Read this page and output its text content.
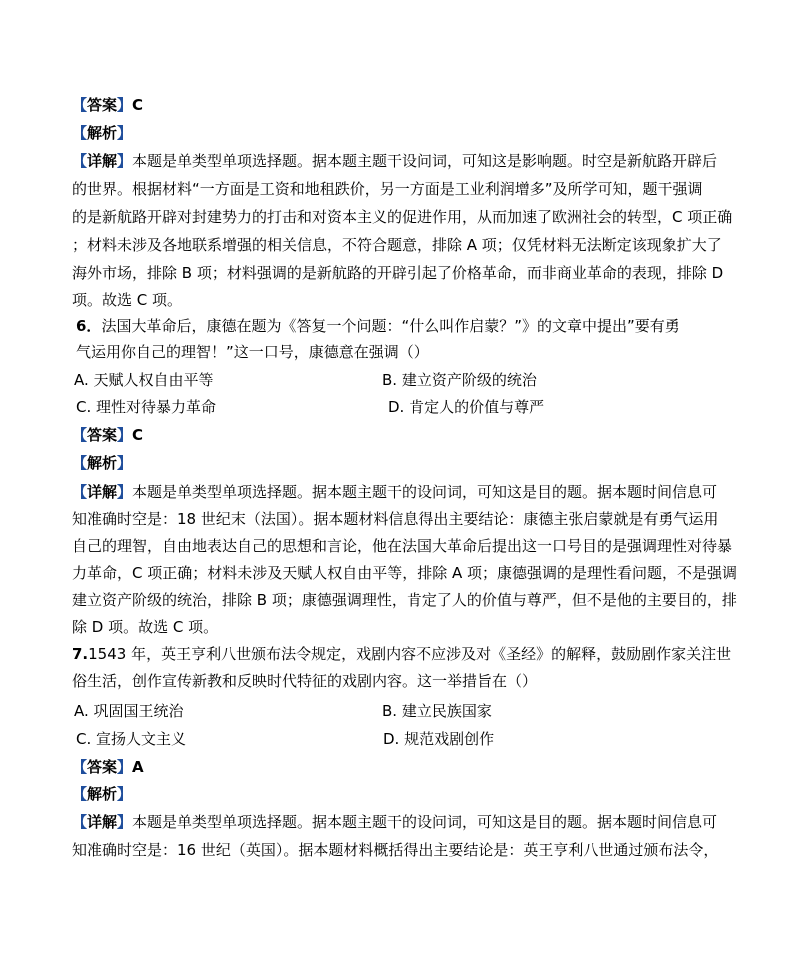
【答案】C
【解析】
【详解】本题是单类型单项选择题。据本题主题干设问词，可知这是影响题。时空是新航路开辟后
的世界。根据材料“一方面是工资和地租跌价，另一方面是工业利润增多”及所学可知，题干强调
的是新航路开辟对封建势力的打击和对资本主义的促进作用，从而加速了欧洲社会的转型，C 项正确
；材料未涉及各地联系增强的相关信息，不符合题意，排除 A 项；仅凭材料无法断定该现象扩大了
海外市场，排除 B 项；材料强调的是新航路的开辟引起了价格革命，而非商业革命的表现，排除 D
项。故选 C 项。
6．法国大革命后，康德在题为《答复一个问题：“什么叫作启蒙？”》的文章中提出”要有勇
气运用你自己的理智！”这一口号，康德意在强调（）
A. 天赋人权自由平等	B. 建立资产阶级的统治
C. 理性对待暴力革命	D. 肯定人的价值与尊严
【答案】C
【解析】
【详解】本题是单类型单项选择题。据本题主题干的设问词，可知这是目的题。据本题时间信息可
知准确时空是：18 世纪末（法国）。据本题材料信息得出主要结论：康德主张启蒙就是有勇气运用
自己的理智，自由地表达自己的思想和言论，他在法国大革命后提出这一口号目的是强调理性对待暴
力革命，C 项正确；材料未涉及天赋人权自由平等，排除 A 项；康德强调的是理性看问题，不是强调
建立资产阶级的统治，排除 B 项；康德强调理性，肯定了人的价值与尊严，但不是他的主要目的，排
除 D 项。故选 C 项。
7.1543 年，英王亨利八世颁布法令规定，戏剧内容不应涉及对《圣经》的解释，鼓励剧作家关注世
俗生活，创作宣传新教和反映时代特征的戏剧内容。这一举措旨在（）
A. 巩固国王统治	B. 建立民族国家
C. 宣扬人文主义	D. 规范戏剧创作
【答案】A
【解析】
【详解】本题是单类型单项选择题。据本题主题干的设问词，可知这是目的题。据本题时间信息可
知准确时空是：16 世纪（英国）。据本题材料概括得出主要结论是：英王亨利八世通过颁布法令，
